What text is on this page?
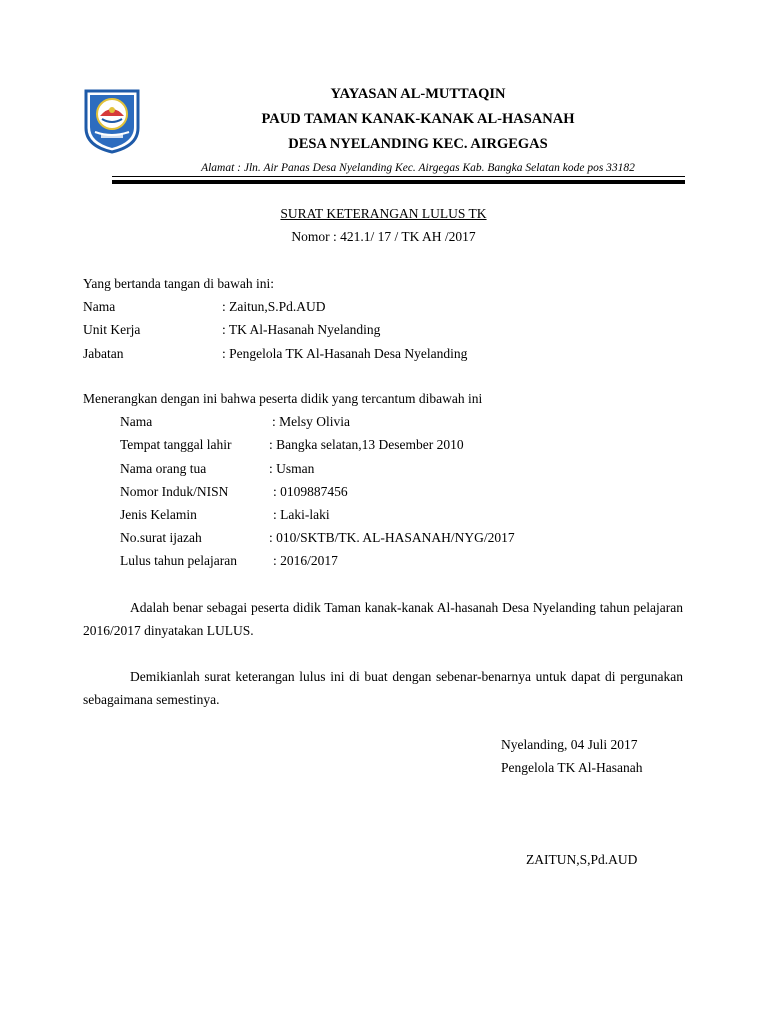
YAYASAN AL-MUTTAQIN
PAUD TAMAN KANAK-KANAK AL-HASANAH
DESA NYELANDING KEC. AIRGEGAS
Alamat : Jln. Air Panas Desa Nyelanding Kec. Airgegas Kab. Bangka Selatan kode pos 33182
SURAT KETERANGAN LULUS TK
Nomor : 421.1/ 17 / TK AH /2017
Yang bertanda tangan di bawah ini:
Nama	: Zaitun,S.Pd.AUD
Unit Kerja	: TK Al-Hasanah Nyelanding
Jabatan	: Pengelola TK Al-Hasanah Desa Nyelanding
Menerangkan dengan ini bahwa peserta didik yang tercantum dibawah ini
Nama	: Melsy Olivia
Tempat tanggal lahir	: Bangka selatan,13 Desember 2010
Nama orang tua	: Usman
Nomor Induk/NISN	: 0109887456
Jenis Kelamin	: Laki-laki
No.surat ijazah	: 010/SKTB/TK. AL-HASANAH/NYG/2017
Lulus tahun pelajaran	: 2016/2017
Adalah benar sebagai peserta didik Taman kanak-kanak Al-hasanah Desa Nyelanding tahun pelajaran 2016/2017 dinyatakan LULUS.
Demikianlah surat keterangan lulus ini di buat dengan sebenar-benarnya untuk dapat di pergunakan sebagaimana semestinya.
Nyelanding, 04 Juli 2017
Pengelola TK Al-Hasanah
ZAITUN,S,Pd.AUD
